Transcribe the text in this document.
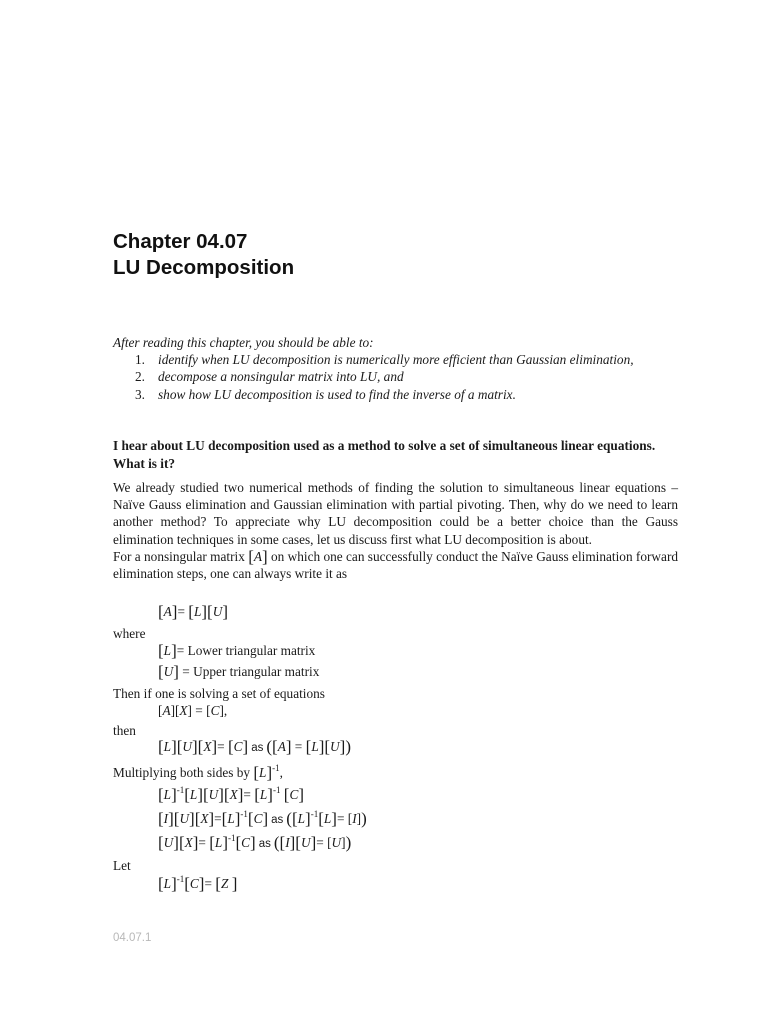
Chapter 04.07
LU Decomposition
After reading this chapter, you should be able to:
1. identify when LU decomposition is numerically more efficient than Gaussian elimination,
2. decompose a nonsingular matrix into LU, and
3. show how LU decomposition is used to find the inverse of a matrix.
I hear about LU decomposition used as a method to solve a set of simultaneous linear equations. What is it?

We already studied two numerical methods of finding the solution to simultaneous linear equations – Naïve Gauss elimination and Gaussian elimination with partial pivoting. Then, why do we need to learn another method? To appreciate why LU decomposition could be a better choice than the Gauss elimination techniques in some cases, let us discuss first what LU decomposition is about.

For a nonsingular matrix [A] on which one can successfully conduct the Naïve Gauss elimination forward elimination steps, one can always write it as

[A]= [L][U]
where
[L]= Lower triangular matrix
[U] = Upper triangular matrix
Then if one is solving a set of equations
[A][X] = [C],
then
[L][U][X]= [C] as ([A] = [L][U])
Multiplying both sides by $[L]^{-1}$,
$[L]^{-1}[L][U][X]= [L]^{-1}$ [C]
$[I][U][X]=[L]^{-1}[C]$ as $([L]^{-1}[L]= [I])$
$[U][X]= [L]^{-1}[C]$ as ([I][U]= [U])
Let
$[L]^{-1}[C]= [Z$ ]
04.07.1
